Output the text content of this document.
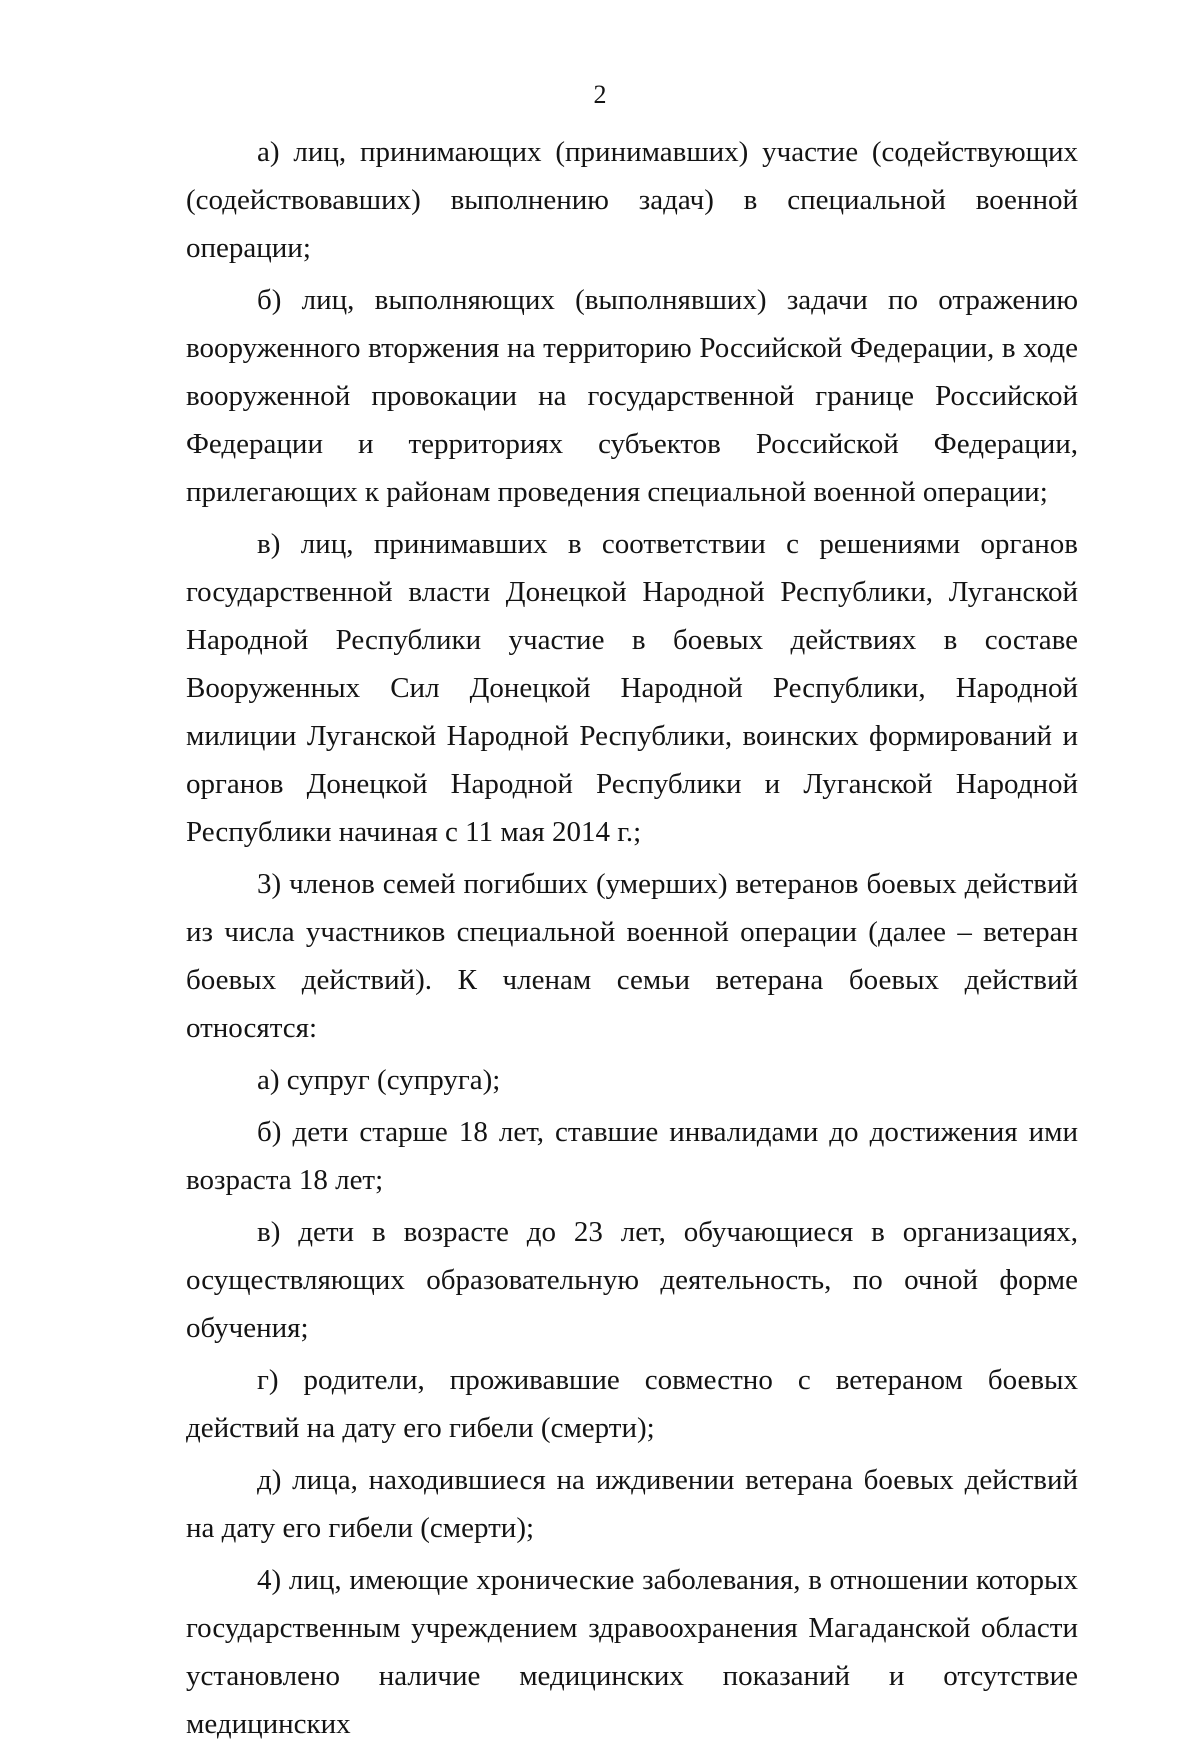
2

а) лиц, принимающих (принимавших) участие (содействующих (содействовавших) выполнению задач) в специальной военной операции;

б) лиц, выполняющих (выполнявших) задачи по отражению вооруженного вторжения на территорию Российской Федерации, в ходе вооруженной провокации на государственной границе Российской Федерации и территориях субъектов Российской Федерации, прилегающих к районам проведения специальной военной операции;

в) лиц, принимавших в соответствии с решениями органов государственной власти Донецкой Народной Республики, Луганской Народной Республики участие в боевых действиях в составе Вооруженных Сил Донецкой Народной Республики, Народной милиции Луганской Народной Республики, воинских формирований и органов Донецкой Народной Республики и Луганской Народной Республики начиная с 11 мая 2014 г.;

3) членов семей погибших (умерших) ветеранов боевых действий из числа участников специальной военной операции (далее – ветеран боевых действий). К членам семьи ветерана боевых действий относятся:

а) супруг (супруга);

б) дети старше 18 лет, ставшие инвалидами до достижения ими возраста 18 лет;

в) дети в возрасте до 23 лет, обучающиеся в организациях, осуществляющих образовательную деятельность, по очной форме обучения;

г) родители, проживавшие совместно с ветераном боевых действий на дату его гибели (смерти);

д) лица, находившиеся на иждивении ветерана боевых действий на дату его гибели (смерти);

4) лиц, имеющие хронические заболевания, в отношении которых государственным учреждением здравоохранения Магаданской области установлено наличие медицинских показаний и отсутствие медицинских
